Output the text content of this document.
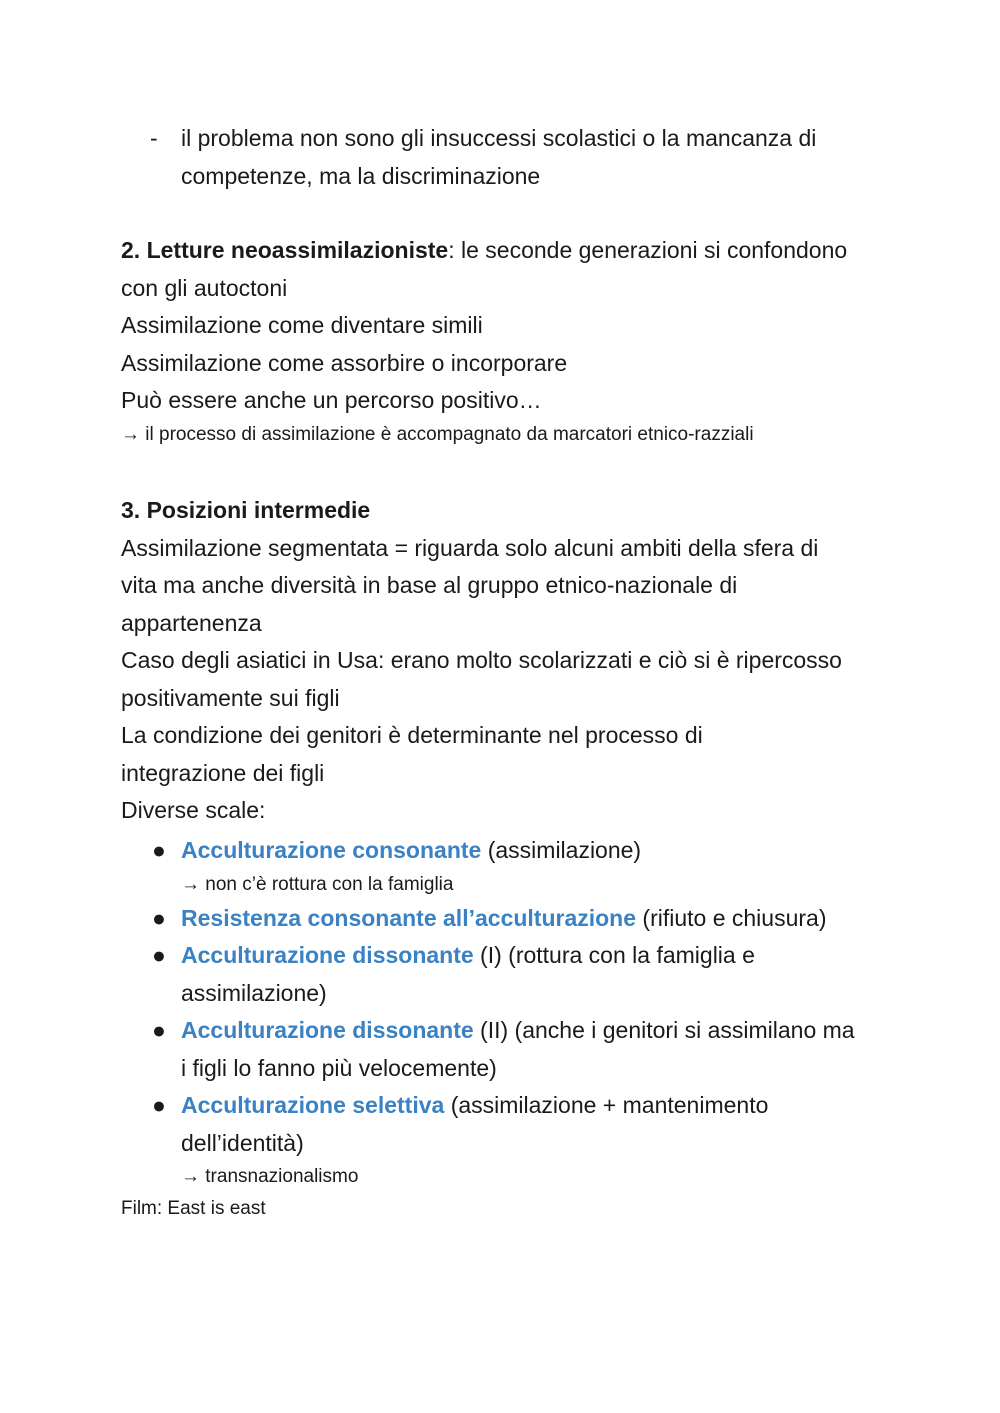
- il problema non sono gli insuccessi scolastici o la mancanza di
competenze, ma la discriminazione
2. Letture neoassimilazioniste: le seconde generazioni si confondono
con gli autoctoni
Assimilazione come diventare simili
Assimilazione come assorbire o incorporare
Può essere anche un percorso positivo…
→ il processo di assimilazione è accompagnato da marcatori etnico-razziali
3. Posizioni intermedie
Assimilazione segmentata = riguarda solo alcuni ambiti della sfera di
vita ma anche diversità in base al gruppo etnico-nazionale di
appartenenza
Caso degli asiatici in Usa: erano molto scolarizzati e ciò si è ripercosso
positivamente sui figli
La condizione dei genitori è determinante nel processo di
integrazione dei figli
Diverse scale:
● Acculturazione consonante (assimilazione)
→ non c’è rottura con la famiglia
● Resistenza consonante all’acculturazione (rifiuto e chiusura)
● Acculturazione dissonante (I) (rottura con la famiglia e
assimilazione)
● Acculturazione dissonante (II) (anche i genitori si assimilano ma
i figli lo fanno più velocemente)
● Acculturazione selettiva (assimilazione + mantenimento
dell’identità)
→ transnazionalismo
Film: East is east
